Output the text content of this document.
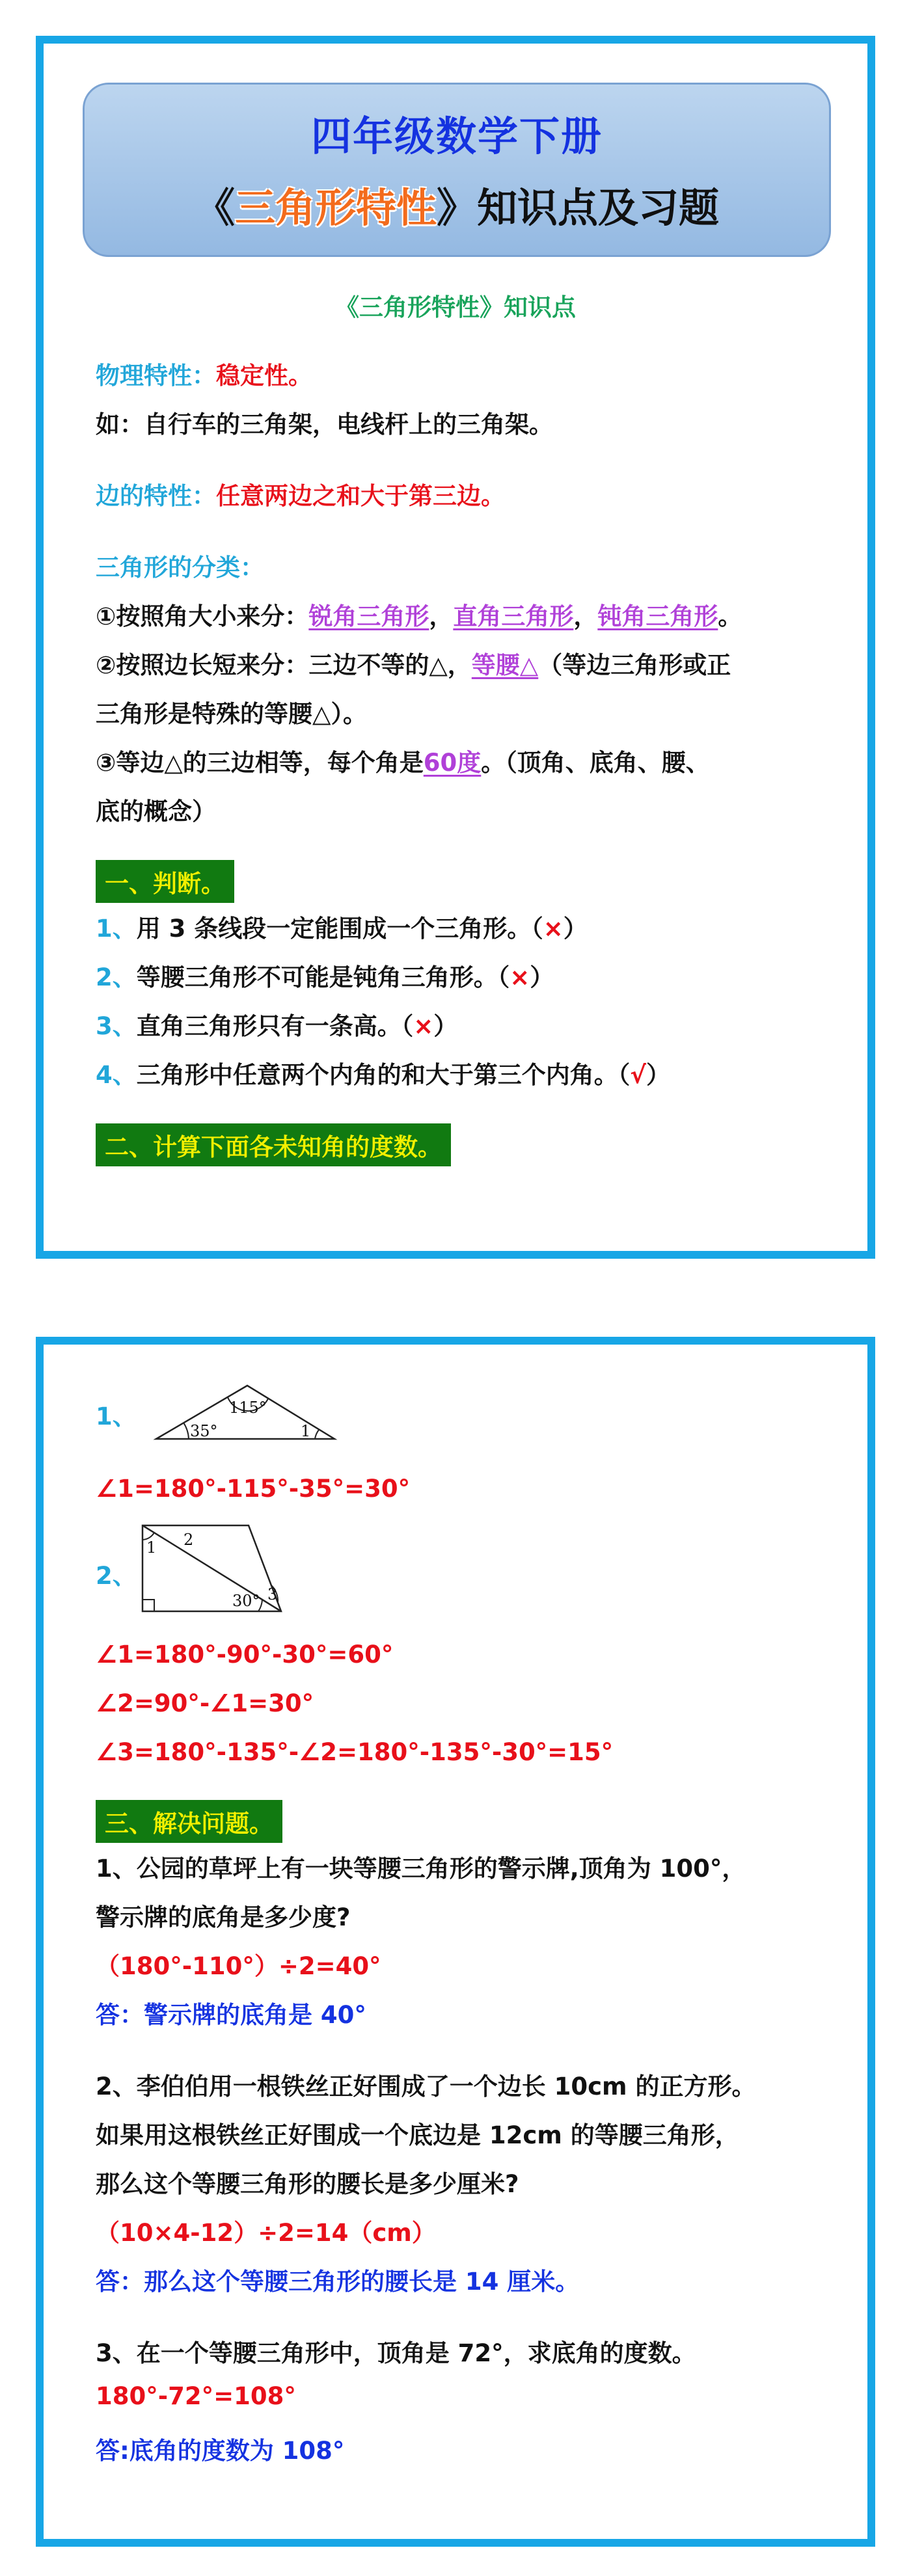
四年级数学下册
《三角形特性》知识点及习题
《三角形特性》知识点
物理特性：稳定性。
如：自行车的三角架，电线杆上的三角架。
边的特性：任意两边之和大于第三边。
三角形的分类：
①按照角大小来分：锐角三角形，直角三角形，钝角三角形。
②按照边长短来分：三边不等的△，等腰△（等边三角形或正
三角形是特殊的等腰△）。
③等边△的三边相等，每个角是60度。（顶角、底角、腰、
底的概念）
一、判断。
1、用 3 条线段一定能围成一个三角形。（×）
2、等腰三角形不可能是钝角三角形。（×）
3、直角三角形只有一条高。（×）
4、三角形中任意两个内角的和大于第三个内角。（√）
二、计算下面各未知角的度数。
1、	115°
35°	1
∠1=180°-115°-35°=30°
2、
1 2
30° 3
∠1=180°-90°-30°=60°
∠2=90°-∠1=30°
∠3=180°-135°-∠2=180°-135°-30°=15°
三、解决问题。
1、公园的草坪上有一块等腰三角形的警示牌,顶角为 100°，
警示牌的底角是多少度?
（180°-110°）÷2=40°
答：警示牌的底角是 40°
2、李伯伯用一根铁丝正好围成了一个边长 10cm 的正方形。
如果用这根铁丝正好围成一个底边是 12cm 的等腰三角形，
那么这个等腰三角形的腰长是多少厘米?
（10×4-12）÷2=14（cm）
答：那么这个等腰三角形的腰长是 14 厘米。
3、在一个等腰三角形中，顶角是 72°，求底角的度数。
180°-72°=108°
答:底角的度数为 108°
